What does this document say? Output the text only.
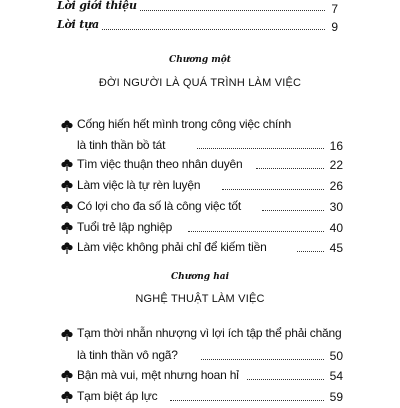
Lời giới thiệu	7
Lời tựa	9
Chương một
ĐỜI NGƯỜI LÀ QUÁ TRÌNH LÀM VIỆC
Cống hiến hết mình trong công việc chính
là tinh thần bồ tát	16
Tìm việc thuận theo nhân duyên	22
Làm việc là tự rèn luyện	26
Có lợi cho đa số là công việc tốt	30
Tuổi trẻ lập nghiệp	40
Làm việc không phải chỉ để kiếm tiền	45
Chương hai
NGHỆ THUẬT LÀM VIỆC
Tạm thời nhẫn nhượng vì lợi ích tập thể phải chăng
là tinh thần vô ngã?	50
Bận mà vui, mệt nhưng hoan hỉ	54
Tạm biệt áp lực	59
